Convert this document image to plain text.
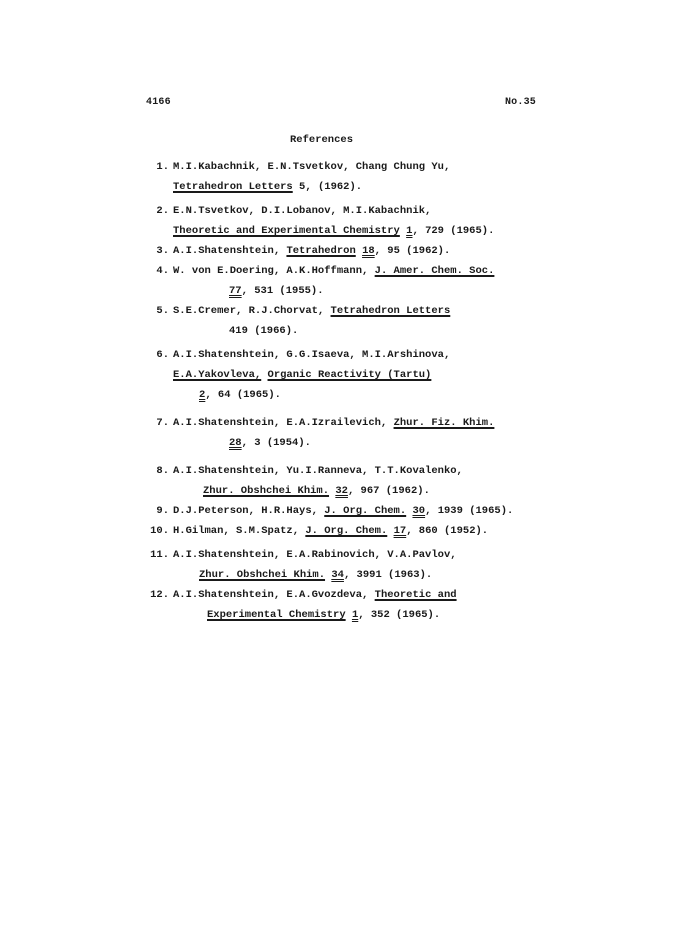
4166	No.35
References
1. M.I.Kabachnik, E.N.Tsvetkov, Chang Chung Yu,
Tetrahedron Letters 5, (1962).
2. E.N.Tsvetkov, D.I.Lobanov, M.I.Kabachnik,
Theoretic and Experimental Chemistry 1, 729 (1965).
3. A.I.Shatenshtein, Tetrahedron 18, 95 (1962).
4. W. von E.Doering, A.K.Hoffmann, J. Amer. Chem. Soc.
77, 531 (1955).
5. S.E.Cremer, R.J.Chorvat, Tetrahedron Letters
419 (1966).
6. A.I.Shatenshtein, G.G.Isaeva, M.I.Arshinova,
E.A.Yakovleva, Organic Reactivity (Tartu)
2, 64 (1965).
7. A.I.Shatenshtein, E.A.Izrailevich, Zhur. Fiz. Khim.
28, 3 (1954).
8. A.I.Shatenshtein, Yu.I.Ranneva, T.T.Kovalenko,
Zhur. Obshchei Khim. 32, 967 (1962).
9. D.J.Peterson, H.R.Hays, J. Org. Chem. 30, 1939 (1965).
10. H.Gilman, S.M.Spatz, J. Org. Chem. 17, 860 (1952).
11. A.I.Shatenshtein, E.A.Rabinovich, V.A.Pavlov,
Zhur. Obshchei Khim. 34, 3991 (1963).
12. A.I.Shatenshtein, E.A.Gvozdeva, Theoretic and
Experimental Chemistry 1, 352 (1965).
